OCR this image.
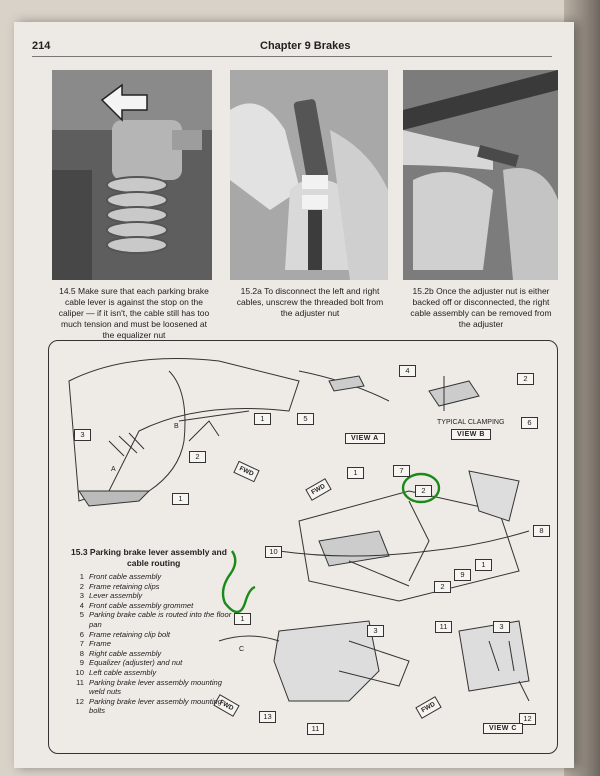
214	Chapter 9 Brakes
14.5 Make sure that each parking brake cable lever is against the stop on the caliper — if it isn't, the cable still has too much tension and must be loosened at the equalizer nut
15.2a To disconnect the left and right cables, unscrew the threaded bolt from the adjuster nut
15.2b Once the adjuster nut is either backed off or disconnected, the right cable assembly can be removed from the adjuster
3
1
2
1
4
5
2
6
1	7
2
8
10
1
9
2
1
3	11	3
13
11
12
A
B
C
VIEW A
TYPICAL CLAMPING
VIEW B
VIEW C
FWD
FWD
FWD	FWD
15.3 Parking brake lever assembly and
cable routing
1 Front cable assembly
2 Frame retaining clips
3 Lever assembly
4 Front cable assembly grommet
5 Parking brake cable is routed into the floor pan
6 Frame retaining clip bolt
7 Frame
8 Right cable assembly
9 Equalizer (adjuster) and nut
10 Left cable assembly
11 Parking brake lever assembly mounting weld nuts
12 Parking brake lever assembly mounting bolts
